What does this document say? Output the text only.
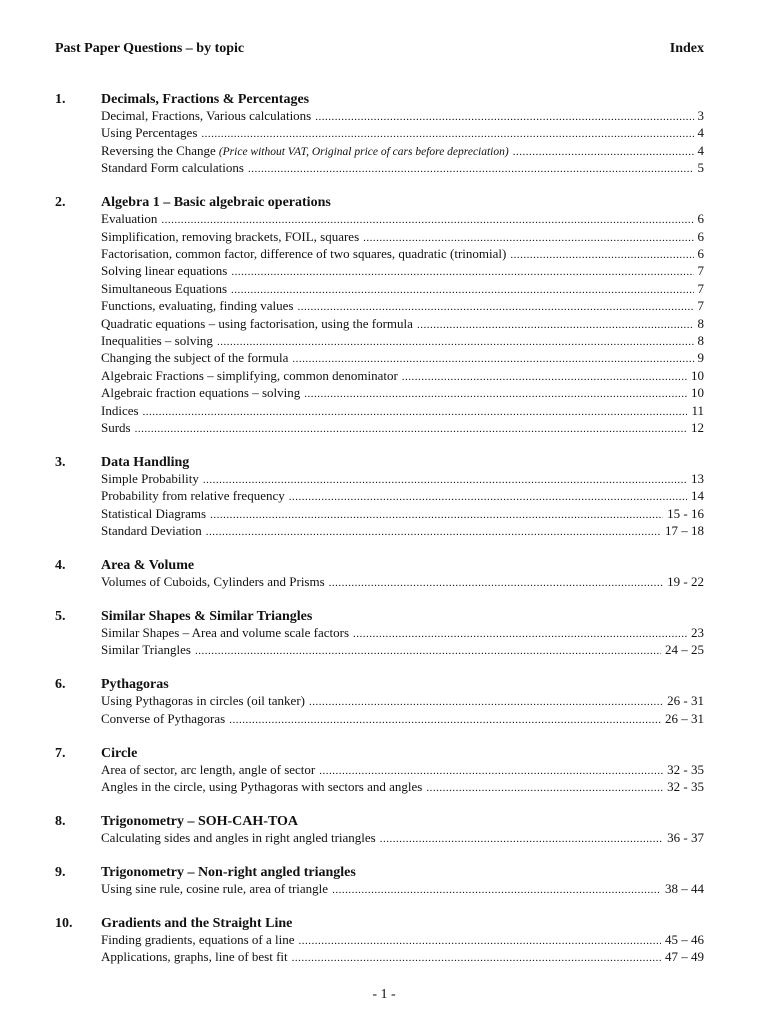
Past Paper Questions – by topic	Index
1.	Decimals, Fractions & Percentages
Decimal, Fractions, Various calculations .....	3
Using Percentages .....	4
Reversing the Change (Price without VAT, Original price of cars before depreciation) .....	4
Standard Form calculations .....	5
2.	Algebra 1 – Basic algebraic operations
Evaluation .....	6
Simplification, removing brackets, FOIL, squares .....	6
Factorisation, common factor, difference of two squares, quadratic (trinomial) .....	6
Solving linear equations .....	7
Simultaneous Equations .....	7
Functions, evaluating, finding values .....	7
Quadratic equations – using factorisation, using the formula .....	8
Inequalities – solving .....	8
Changing the subject of the formula .....	9
Algebraic Fractions – simplifying, common denominator .....	10
Algebraic fraction equations – solving .....	10
Indices .....	11
Surds .....	12
3.	Data Handling
Simple Probability .....	13
Probability from relative frequency .....	14
Statistical Diagrams .....	15 - 16
Standard Deviation .....	17 – 18
4.	Area & Volume
Volumes of Cuboids, Cylinders and Prisms .....	19 - 22
5.	Similar Shapes & Similar Triangles
Similar Shapes – Area and volume scale factors .....	23
Similar Triangles .....	24 – 25
6.	Pythagoras
Using Pythagoras in circles (oil tanker) .....	26 - 31
Converse of Pythagoras .....	26 – 31
7.	Circle
Area of sector, arc length, angle of sector .....	32 - 35
Angles in the circle, using Pythagoras with sectors and angles .....	32 - 35
8.	Trigonometry – SOH-CAH-TOA
Calculating sides and angles in right angled triangles .....	36 - 37
9.	Trigonometry – Non-right angled triangles
Using sine rule, cosine rule, area of triangle .....	38 – 44
10.	Gradients and the Straight Line
Finding gradients, equations of a line .....	45 – 46
Applications, graphs, line of best fit .....	47 – 49
- 1 -
